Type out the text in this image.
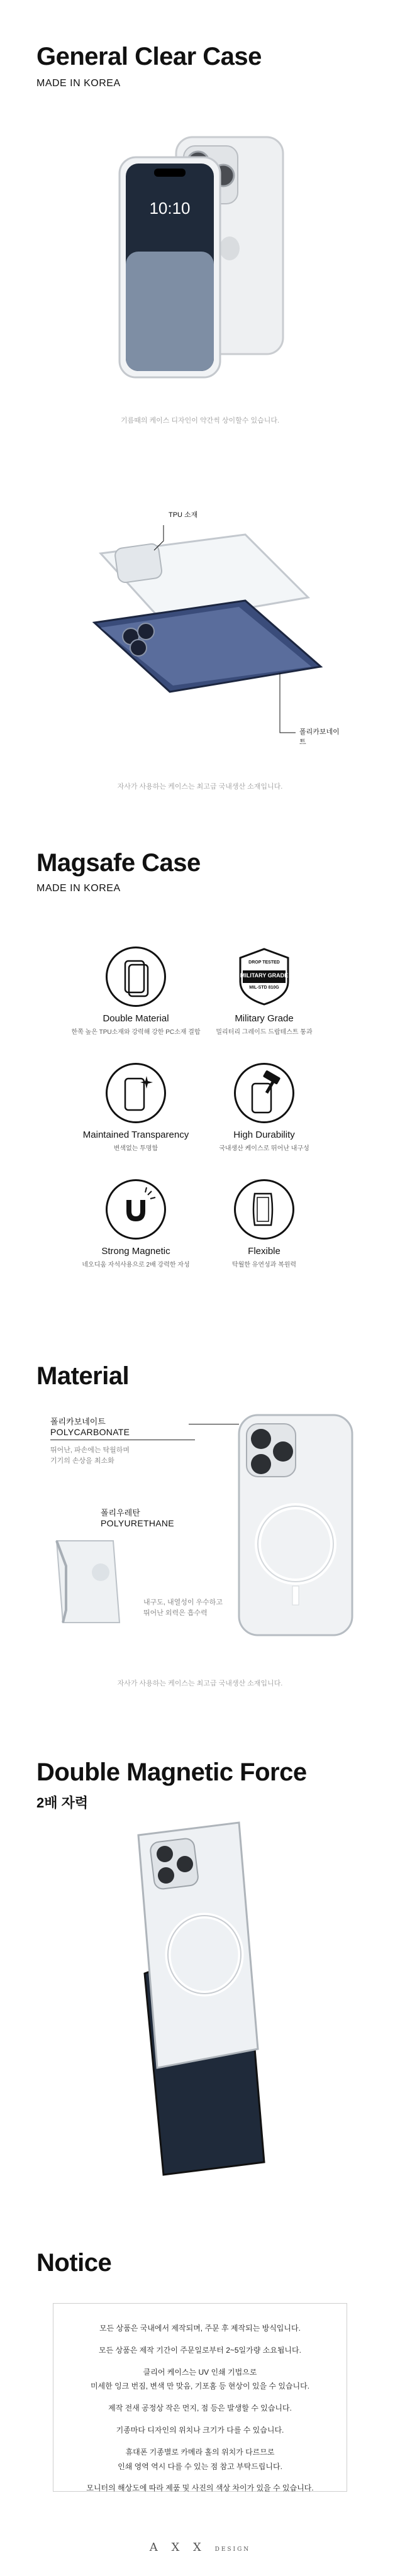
General Clear Case
MADE IN KOREA
10:10
기름때의 케이스 디자인이 약간씩 상이할수 있습니다.
TPU 소재
폴리카보네이트
자사가 사용하는 케이스는 최고급 국내생산 소재입니다.
Magsafe Case
MADE IN KOREA
Double Material
한쪽 높은 TPU소재와 강력해 강한 PC소재 결합
DROP TESTED
MILITARY GRADE
MIL-STD 810G
Military Grade
밀리터리 그레이드 드랍테스트 통과
Maintained Transparency
변색없는 투명함
High Durability
국내생산 케이스로 뛰어난 내구성
Strong Magnetic
네오디움 자석사용으로 2배 강력한 자성
Flexible
탁월한 유연성과 복원력
Material
폴리카보네이트
POLYCARBONATE
뛰어난, 파손에는 탁월하며
기기의 손상을 최소화
폴리우레탄
POLYURETHANE
내구도, 내열성이 우수하고
뛰어난 외력은 흡수력
자사가 사용하는 케이스는 최고급 국내생산 소재입니다.
Double Magnetic Force
2배 자력
Notice

모든 상품은 국내에서 제작되며, 주문 후 제작되는 방식입니다.

모든 상품은 제작 기간이 주문일로부터 2~5일가량 소요됩니다.

클리어 케이스는 UV 인쇄 기법으로

미세한 잉크 번짐, 변색 만 맞음, 기포홈 등 현상이 있을 수 있습니다.

제작 전새 공정상 작은 먼지, 점 등은 발생할 수 있습니다.

기종마다 디자인의 위치나 크기가 다를 수 있습니다.

휴대폰 기종별로 카메라 홀의 위치가 다르므로

인쇄 영역 역시 다를 수 있는 점 참고 부탁드립니다.

모니터의 해상도에 따라 제품 및 사진의 색상 차이가 있을 수 있습니다.

A X X DESIGN
